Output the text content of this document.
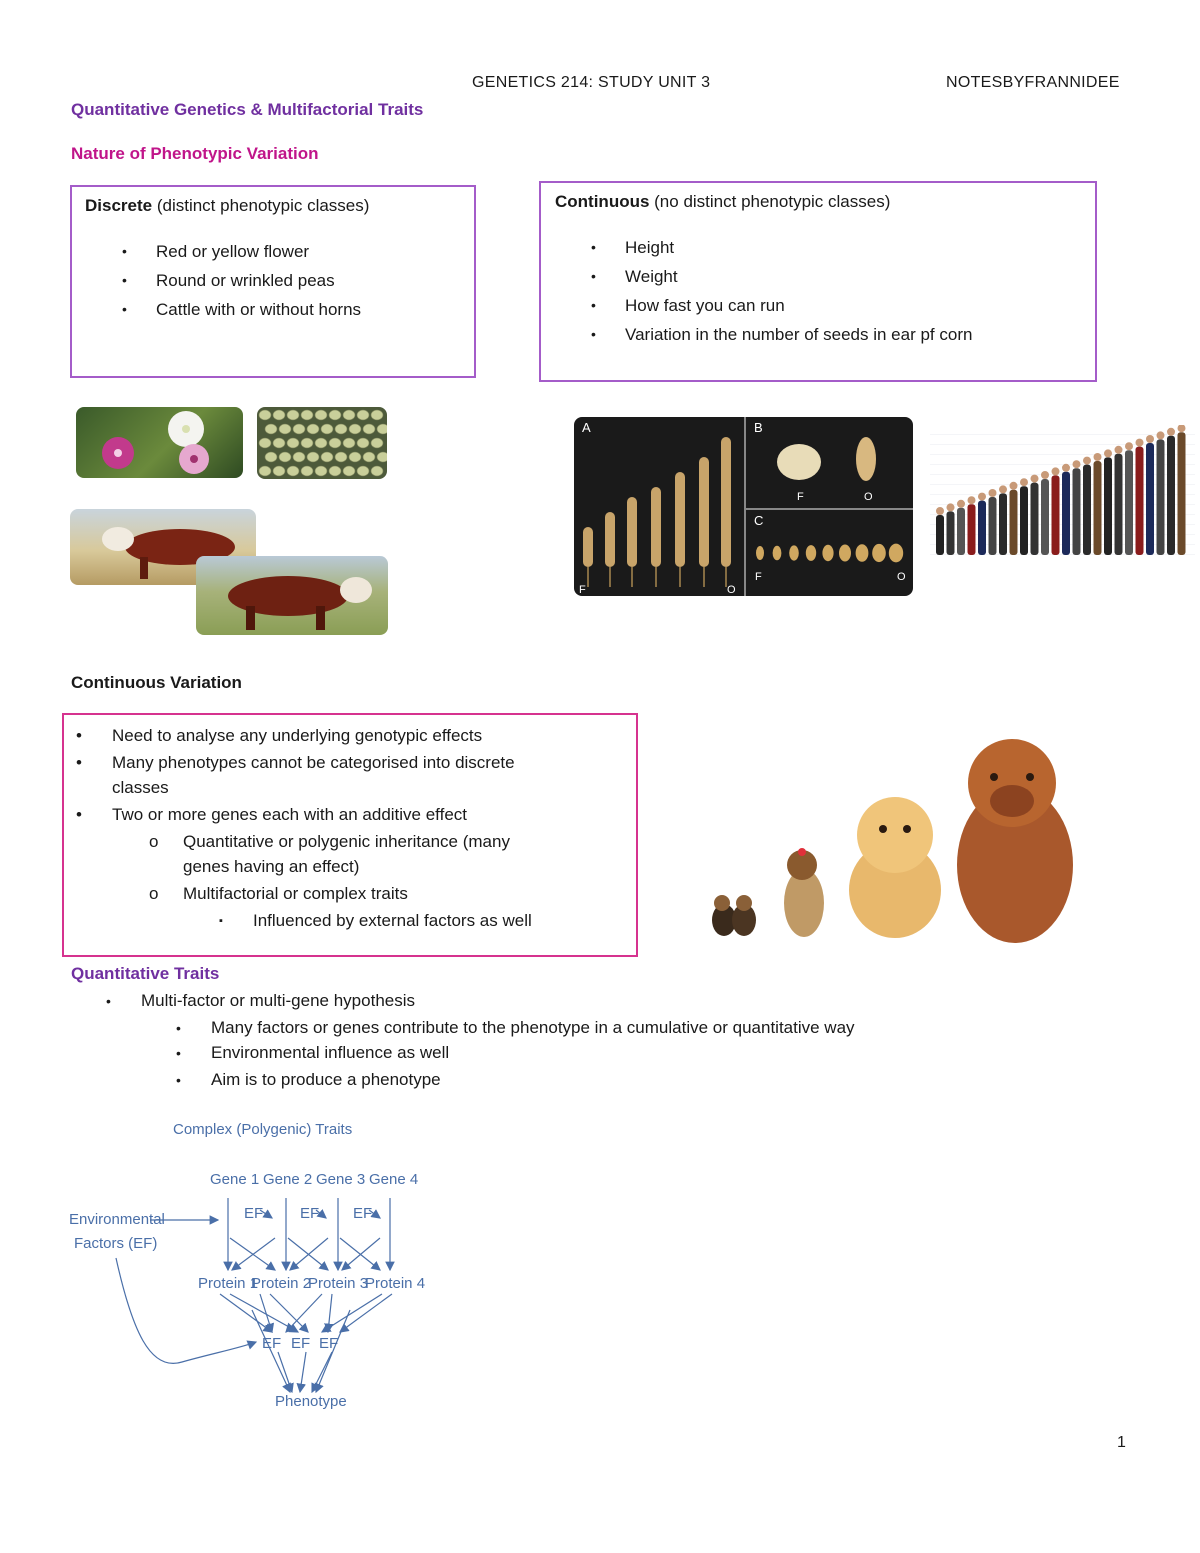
GENETICS 214: STUDY UNIT 3	NOTESBYFRANNIDEE
Quantitative Genetics & Multifactorial Traits
Nature of Phenotypic Variation
Discrete (distinct phenotypic classes)
• Red or yellow flower
• Round or wrinkled peas
• Cattle with or without horns
Continuous (no distinct phenotypic classes)
• Height
• Weight
• How fast you can run
• Variation in the number of seeds in ear pf corn
A	B
C
F	O
F	O
F	O
Continuous Variation
• Need to analyse any underlying genotypic effects
• Many phenotypes cannot be categorised into discrete
classes
• Two or more genes each with an additive effect
o Quantitative or polygenic inheritance (many
genes having an effect)
o Multifactorial or complex traits
▪ Influenced by external factors as well
Quantitative Traits
• Multi-factor or multi-gene hypothesis
• Many factors or genes contribute to the phenotype in a cumulative or quantitative way
• Environmental influence as well
• Aim is to produce a phenotype
Complex (Polygenic) Traits
Gene 1 Gene 2 Gene 3 Gene 4
Environmental
Factors (EF)
EF EF EF
Protein 1
Protein 2
Protein 3
Protein 4
EF EF EF
Phenotype
1
